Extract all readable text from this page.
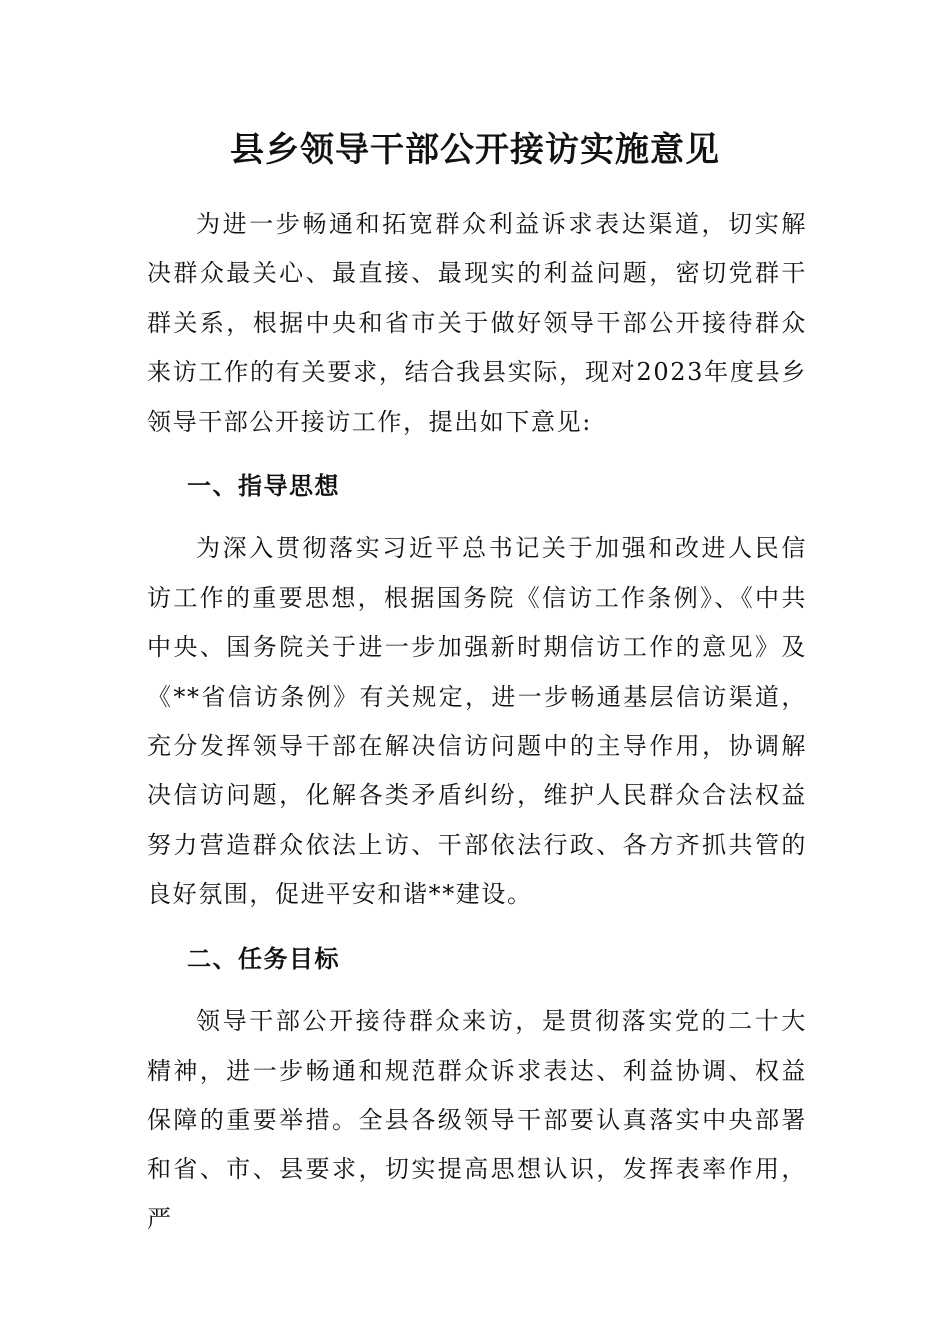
县乡领导干部公开接访实施意见

为进一步畅通和拓宽群众利益诉求表达渠道，切实解决群众最关心、最直接、最现实的利益问题，密切党群干群关系，根据中央和省市关于做好领导干部公开接待群众来访工作的有关要求，结合我县实际，现对2023年度县乡领导干部公开接访工作，提出如下意见:

一、指导思想

为深入贯彻落实习近平总书记关于加强和改进人民信访工作的重要思想，根据国务院《信访工作条例》、《中共中央、国务院关于进一步加强新时期信访工作的意见》及《**省信访条例》有关规定，进一步畅通基层信访渠道，充分发挥领导干部在解决信访问题中的主导作用，协调解决信访问题，化解各类矛盾纠纷，维护人民群众合法权益努力营造群众依法上访、干部依法行政、各方齐抓共管的良好氛围，促进平安和谐**建设。

二、任务目标

领导干部公开接待群众来访，是贯彻落实党的二十大精神，进一步畅通和规范群众诉求表达、利益协调、权益保障的重要举措。全县各级领导干部要认真落实中央部署和省、市、县要求，切实提高思想认识，发挥表率作用，严
